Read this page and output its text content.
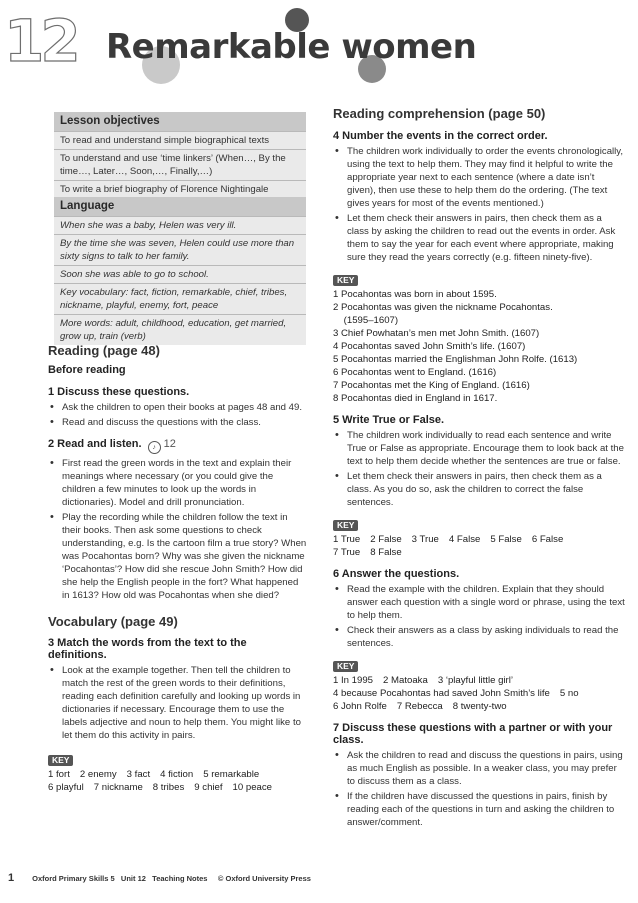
12 Remarkable women
Lesson objectives
To read and understand simple biographical texts
To understand and use ‘time linkers’ (When…, By the time…, Later…, Soon,…, Finally,…)
To write a brief biography of Florence Nightingale
Language
When she was a baby, Helen was very ill.
By the time she was seven, Helen could use more than sixty signs to talk to her family.
Soon she was able to go to school.
Key vocabulary: fact, fiction, remarkable, chief, tribes, nickname, playful, enemy, fort, peace
More words: adult, childhood, education, get married, grow up, train (verb)
Reading (page 48)
Before reading
1 Discuss these questions.
• Ask the children to open their books at pages 48 and 49.
• Read and discuss the questions with the class.
2 Read and listen. ♪ 12
• First read the green words in the text and explain their meanings where necessary (or you could give the children a few minutes to look up the words in dictionaries). Model and drill pronunciation.
• Play the recording while the children follow the text in their books. Then ask some questions to check understanding, e.g. Is the cartoon film a true story? When was Pocahontas born? Why was she given the nickname ‘Pocahontas’? How did she rescue John Smith? How did she help the English people in the fort? What happened in 1613? How old was Pocahontas when she died?
Vocabulary (page 49)
3 Match the words from the text to the definitions.
• Look at the example together. Then tell the children to match the rest of the green words to their definitions, reading each definition carefully and looking up words in dictionaries if necessary. Encourage them to use the labels adjective and noun to help them. You might like to let them do this activity in pairs.
KEY
1 fort 2 enemy 3 fact 4 fiction 5 remarkable
6 playful 7 nickname 8 tribes 9 chief 10 peace
Reading comprehension (page 50)
4 Number the events in the correct order.
• The children work individually to order the events chronologically, using the text to help them. They may find it helpful to write the appropriate year next to each sentence (where a date isn’t given), then use these to help them do the ordering. (The text gives years for most of the events mentioned.)
• Let them check their answers in pairs, then check them as a class by asking the children to read out the events in order. Ask them to say the year for each event where appropriate, making sure they read the years correctly (e.g. fifteen ninety-five).
KEY
1 Pocahontas was born in about 1595.
2 Pocahontas was given the nickname Pocahontas.
(1595–1607)
3 Chief Powhatan’s men met John Smith. (1607)
4 Pocahontas saved John Smith’s life. (1607)
5 Pocahontas married the Englishman John Rolfe. (1613)
6 Pocahontas went to England. (1616)
7 Pocahontas met the King of England. (1616)
8 Pocahontas died in England in 1617.
5 Write True or False.
• The children work individually to read each sentence and write True or False as appropriate. Encourage them to look back at the text to help them decide whether the sentences are true or false.
• Let them check their answers in pairs, then check them as a class. As you do so, ask the children to correct the false sentences.
KEY
1 True 2 False 3 True 4 False 5 False 6 False
7 True 8 False
6 Answer the questions.
• Read the example with the children. Explain that they should answer each question with a single word or phrase, using the text to help them.
• Check their answers as a class by asking individuals to read the sentences.
KEY
1 In 1995 2 Matoaka 3 ‘playful little girl’
4 because Pocahontas had saved John Smith’s life 5 no
6 John Rolfe 7 Rebecca 8 twenty-two
7 Discuss these questions with a partner or with your class.
• Ask the children to read and discuss the questions in pairs, using as much English as possible. In a weaker class, you may prefer to discuss them as a class.
• If the children have discussed the questions in pairs, finish by reading each of the questions in turn and asking the children to answer/comment.
1 Oxford Primary Skills 5   Unit 12   Teaching Notes     © Oxford University Press
